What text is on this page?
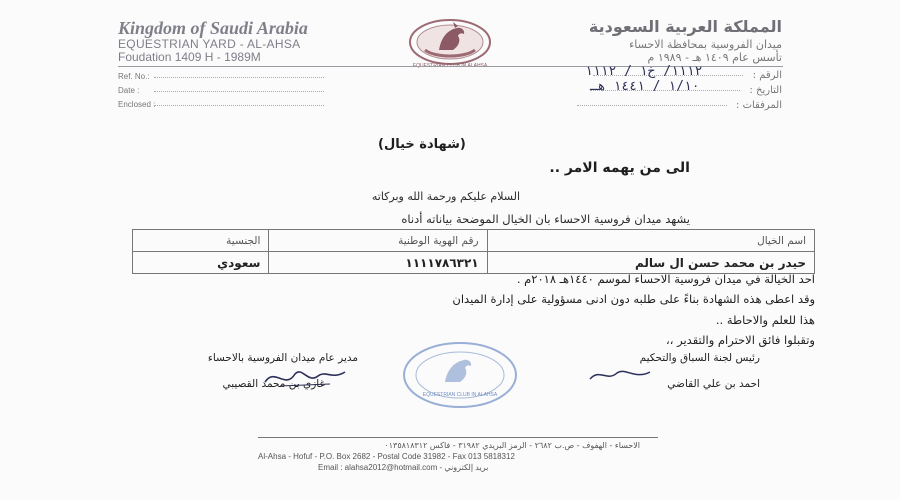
Kingdom of Saudi Arabia
EQUESTRIAN YARD - AL-AHSA
Foudation 1409 H - 1989M
EQUESTRIAN CLUB IN ALAHSA
المملكة العربية السعودية
ميدان الفروسية بمحافظة الاحساء
تأسس عام ١٤٠٩ هـ - ١٩٨٩ م
Ref. No.:
Date :
Enclosed :
الرقم :
١١١٢/ خ١ / ١١١٢
التاريخ :
١/١٠ / ١٤٤١ هـ
المرفقات :
(شهادة خيال)
الى من يهمه الامر ..
السلام عليكم ورحمة الله وبركاته
يشهد ميدان فروسية الاحساء بان الخيال الموضحة بياناته أدناه
اسم الخيال	رقم الهوية الوطنية	الجنسية
حيدر بن محمد حسن ال سالم	١١١١٧٨٦٣٢١	سعودي
احد الخيالة في ميدان فروسية الاحساء لموسم ١٤٤٠هـ ٢٠١٨م .
وقد اعطى هذه الشهادة بناءً على طلبه دون ادنى مسؤولية على إدارة الميدان
هذا للعلم والاحاطة ..
وتقبلوا فائق الاحترام والتقدير ،،
EQUESTRIAN CLUB IN ALAHSA
مدير عام ميدان الفروسية بالاحساء
غازي بن محمد القصيبي
رئيس لجنة السباق والتحكيم
احمد بن علي القاضي
الاحساء - الهفوف - ص.ب ٢٦٨٢ - الرمز البريدي ٣١٩٨٢ - فاكس ٠١٣٥٨١٨٣١٢
Al-Ahsa - Hofuf - P.O. Box 2682 - Postal Code 31982 - Fax 013 5818312
Email : alahsa2012@hotmail.com - بريد إلكتروني
